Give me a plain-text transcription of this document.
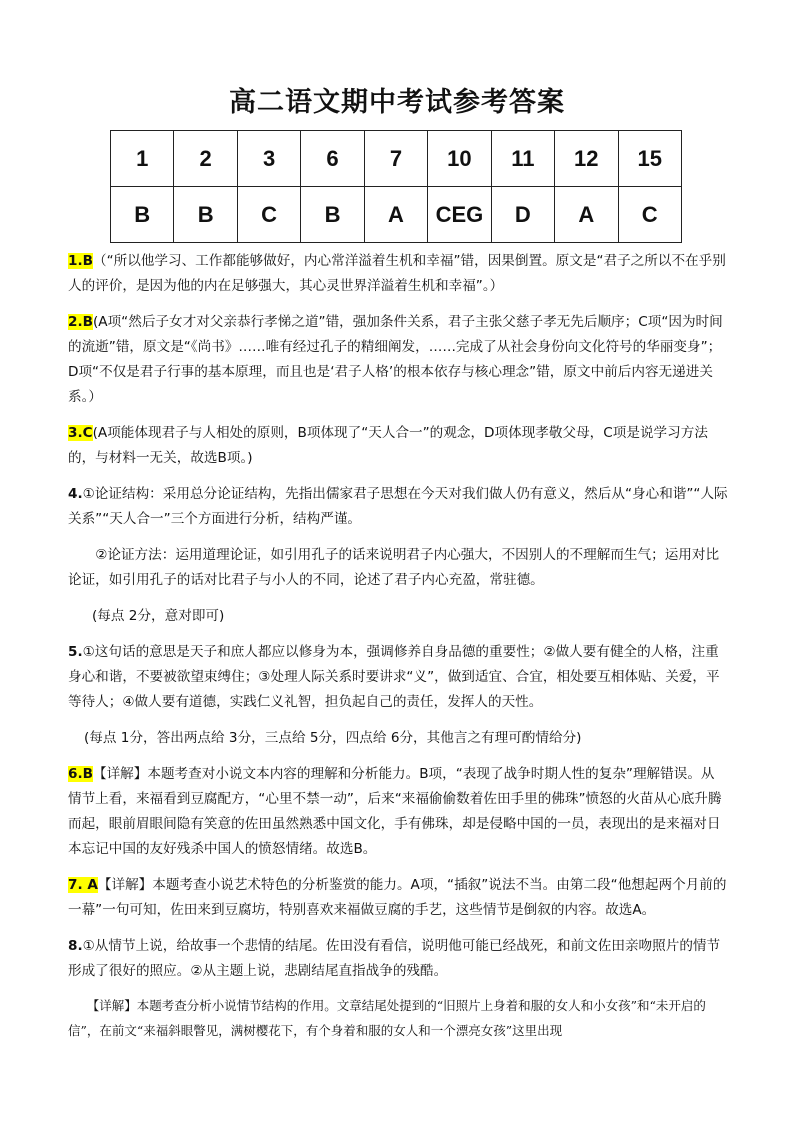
高二语文期中考试参考答案
1	2	3	6	7	10	11	12	15
B	B	C	B	A	CEG	D	A	C

1.B（“所以他学习、工作都能够做好，内心常洋溢着生机和幸福”错，因果倒置。原文是“君子之所以不在乎别人的评价，是因为他的内在足够强大，其心灵世界洋溢着生机和幸福”。）

2.B(A项“然后子女才对父亲恭行孝悌之道”错，强加条件关系，君子主张父慈子孝无先后顺序；C项“因为时间的流逝”错，原文是“《尚书》……唯有经过孔子的精细阐发，……完成了从社会身份向文化符号的华丽变身”；D项“不仅是君子行事的基本原理，而且也是‘君子人格’的根本依存与核心理念”错，原文中前后内容无递进关系。）

3.C(A项能体现君子与人相处的原则，B项体现了“天人合一”的观念，D项体现孝敬父母，C项是说学习方法的，与材料一无关，故选B项。)

4.①论证结构：采用总分论证结构，先指出儒家君子思想在今天对我们做人仍有意义，然后从“身心和谐”“人际关系”“天人合一”三个方面进行分析，结构严谨。

②论证方法：运用道理论证，如引用孔子的话来说明君子内心强大，不因别人的不理解而生气；运用对比论证，如引用孔子的话对比君子与小人的不同，论述了君子内心充盈，常驻德。

(每点 2分，意对即可)

5.①这句话的意思是天子和庶人都应以修身为本，强调修养自身品德的重要性；②做人要有健全的人格，注重身心和谐，不要被欲望束缚住；③处理人际关系时要讲求“义”，做到适宜、合宜，相处要互相体贴、关爱，平等待人；④做人要有道德，实践仁义礼智，担负起自己的责任，发挥人的天性。

(每点 1分，答出两点给 3分，三点给 5分，四点给 6分，其他言之有理可酌情给分)

6.B【详解】本题考查对小说文本内容的理解和分析能力。B项，“表现了战争时期人性的复杂”理解错误。从情节上看，来福看到豆腐配方，“心里不禁一动”，后来“来福偷偷数着佐田手里的佛珠”愤怒的火苗从心底升腾而起，眼前眉眼间隐有笑意的佐田虽然熟悉中国文化，手有佛珠，却是侵略中国的一员，表现出的是来福对日本忘记中国的友好残杀中国人的愤怒情绪。故选B。

7. A【详解】本题考查小说艺术特色的分析鉴赏的能力。A项，“插叙”说法不当。由第二段“他想起两个月前的一幕”一句可知，佐田来到豆腐坊，特别喜欢来福做豆腐的手艺，这些情节是倒叙的内容。故选A。

8.①从情节上说，给故事一个悲情的结尾。佐田没有看信，说明他可能已经战死，和前文佐田亲吻照片的情节形成了很好的照应。②从主题上说，悲剧结尾直指战争的残酷。

【详解】本题考查分析小说情节结构的作用。文章结尾处提到的“旧照片上身着和服的女人和小女孩”和“未开启的信”，在前文“来福斜眼瞥见，满树樱花下，有个身着和服的女人和一个漂亮女孩”这里出现
